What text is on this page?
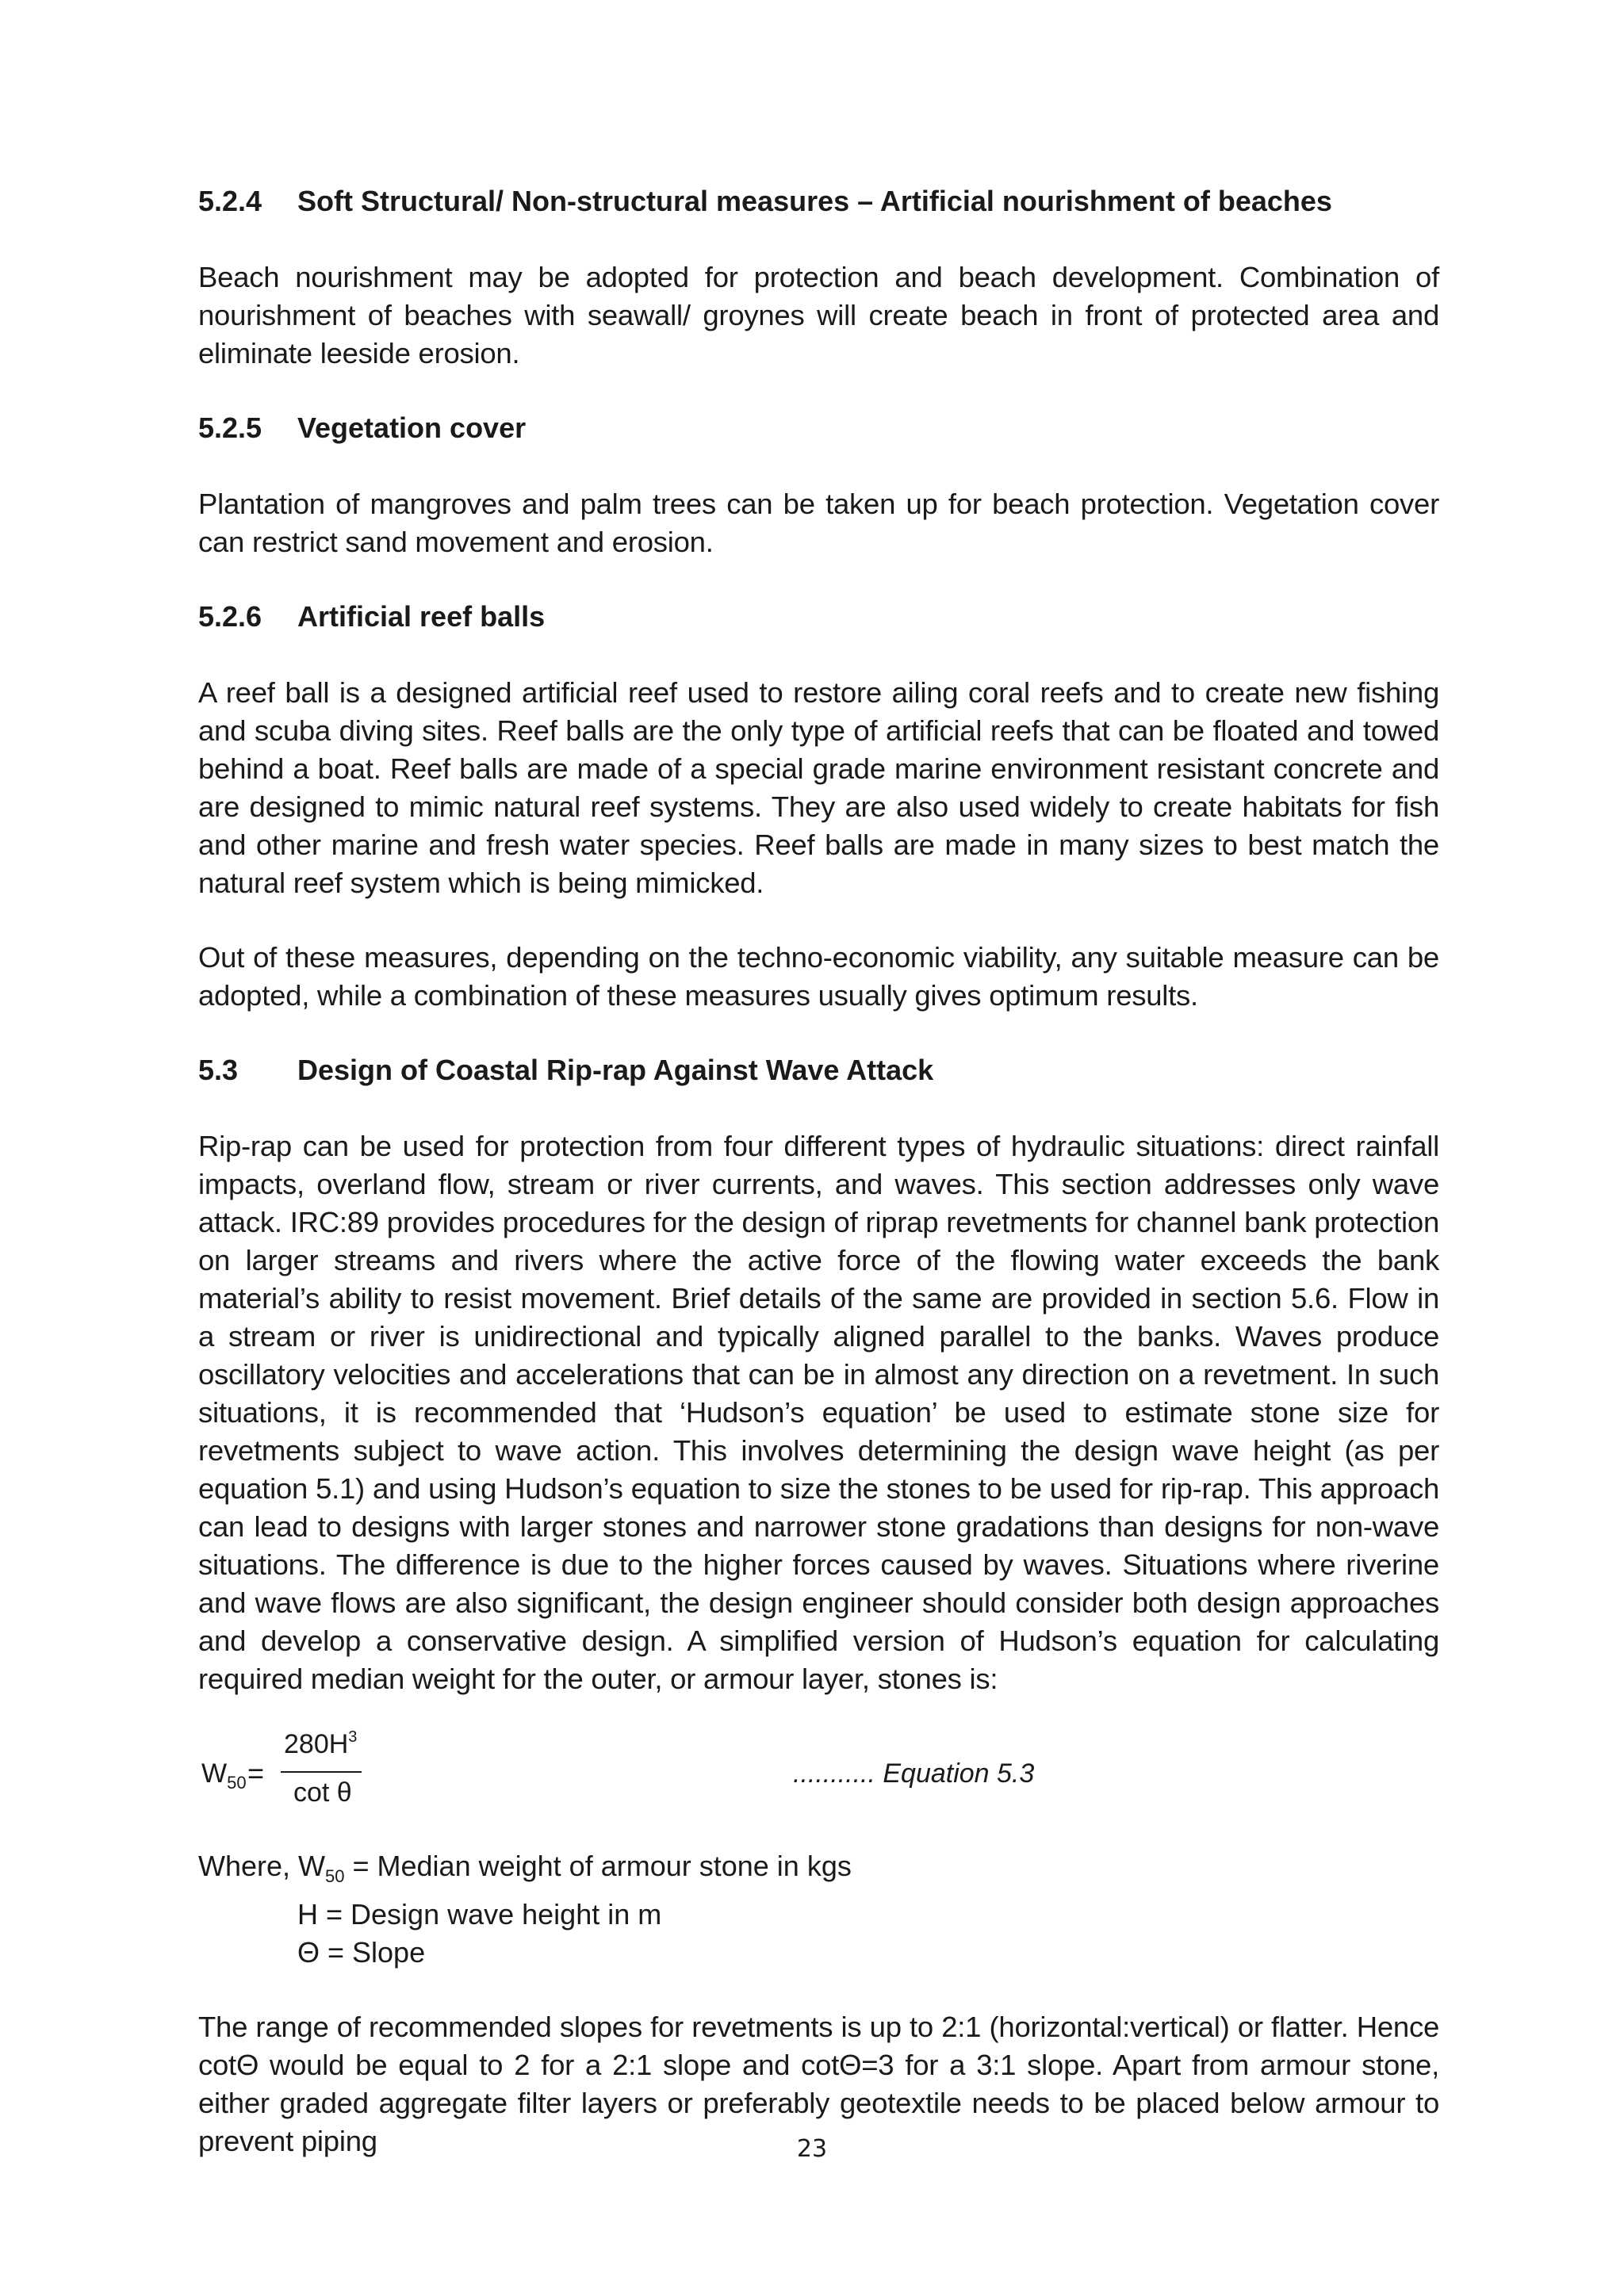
5.2.4	Soft Structural/ Non-structural measures – Artificial nourishment of beaches

Beach nourishment may be adopted for protection and beach development. Combination of nourishment of beaches with seawall/ groynes will create beach in front of protected area and eliminate leeside erosion.

5.2.5	Vegetation cover

Plantation of mangroves and palm trees can be taken up for beach protection. Vegetation cover can restrict sand movement and erosion.

5.2.6	Artificial reef balls

A reef ball is a designed artificial reef used to restore ailing coral reefs and to create new fishing and scuba diving sites. Reef balls are the only type of artificial reefs that can be floated and towed behind a boat. Reef balls are made of a special grade marine environment resistant concrete and are designed to mimic natural reef systems. They are also used widely to create habitats for fish and other marine and fresh water species. Reef balls are made in many sizes to best match the natural reef system which is being mimicked.

Out of these measures, depending on the techno-economic viability, any suitable measure can be adopted, while a combination of these measures usually gives optimum results.

5.3	Design of Coastal Rip-rap Against Wave Attack

Rip-rap can be used for protection from four different types of hydraulic situations: direct rainfall impacts, overland flow, stream or river currents, and waves. This section addresses only wave attack. IRC:89 provides procedures for the design of riprap revetments for channel bank protection on larger streams and rivers where the active force of the flowing water exceeds the bank material’s ability to resist movement. Brief details of the same are provided in section 5.6. Flow in a stream or river is unidirectional and typically aligned parallel to the banks. Waves produce oscillatory velocities and accelerations that can be in almost any direction on a revetment. In such situations, it is recommended that ‘Hudson’s equation’ be used to estimate stone size for revetments subject to wave action. This involves determining the design wave height (as per equation 5.1) and using Hudson’s equation to size the stones to be used for rip-rap. This approach can lead to designs with larger stones and narrower stone gradations than designs for non-wave situations. The difference is due to the higher forces caused by waves. Situations where riverine and wave flows are also significant, the design engineer should consider both design approaches and develop a conservative design. A simplified version of Hudson’s equation for calculating required median weight for the outer, or armour layer, stones is:

$W_{50}$ =
$280H^3$
cot θ
........... Equation 5.3
Where, $W_{50}$ = Median weight of armour stone in kgs
H = Design wave height in m
Θ = Slope

The range of recommended slopes for revetments is up to 2:1 (horizontal:vertical) or flatter. Hence cotΘ would be equal to 2 for a 2:1 slope and cotΘ=3 for a 3:1 slope. Apart from armour stone, either graded aggregate filter layers or preferably geotextile needs to be placed below armour to prevent piping	23
